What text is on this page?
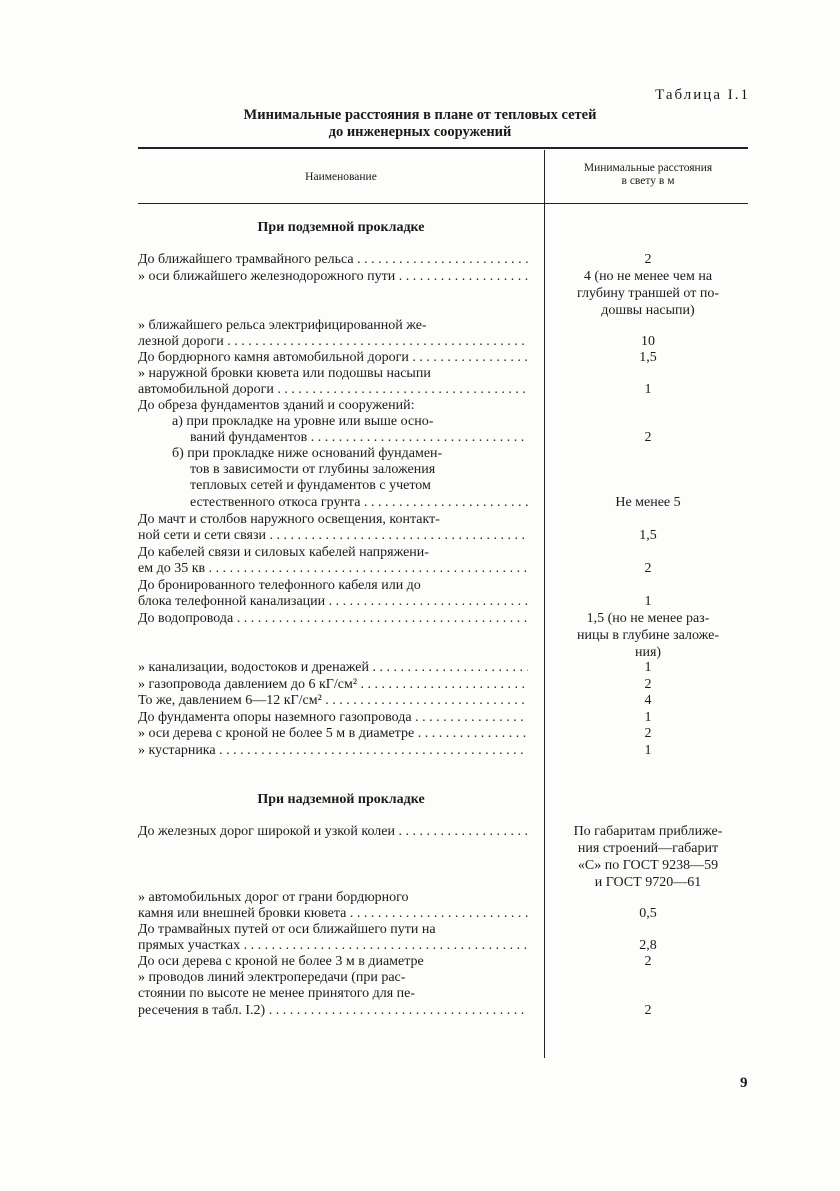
Таблица I.1
Минимальные расстояния в плане от тепловых сетей
до инженерных сооружений
Наименование
Минимальные расстояния
в свету в м
При подземной прокладке
До ближайшего трамвайного рельса . . .	2
» оси ближайшего железнодорожного пути . . .	4 (но не менее чем на
глубину траншей от по-
дошвы насыпи)
» ближайшего рельса электрифицированной же-
лезной дороги . . .	10
До бордюрного камня автомобильной дороги . . .	1,5
» наружной бровки кювета или подошвы насыпи
автомобильной дороги . . .	1
До обреза фундаментов зданий и сооружений:
а) при прокладке на уровне или выше осно-
ваний фундаментов . . .	2
б) при прокладке ниже оснований фундамен-
тов в зависимости от глубины заложения
тепловых сетей и фундаментов с учетом
естественного откоса грунта . . .	Не менее 5
До мачт и столбов наружного освещения, контакт-
ной сети и сети связи . . .	1,5
До кабелей связи и силовых кабелей напряжени-
ем до 35 кв . . .	2
До бронированного телефонного кабеля или до
блока телефонной канализации . . .	1
До водопровода . . .	1,5 (но не менее раз-
ницы в глубине заложе-
ния)
» канализации, водостоков и дренажей . . .	1
» газопровода давлением до 6 кГ/см² . . .	2
То же, давлением 6—12 кГ/см² . . .	4
До фундамента опоры наземного газопровода . . .	1
» оси дерева с кроной не более 5 м в диаметре . . .	2
» кустарника . . .	1
При надземной прокладке
До железных дорог широкой и узкой колеи . . .	По габаритам приближе-
ния строений—габарит
«С» по ГОСТ 9238—59
и ГОСТ 9720—61
» автомобильных дорог от грани бордюрного
камня или внешней бровки кювета . . .	0,5
До трамвайных путей от оси ближайшего пути на
прямых участках . . .	2,8
До оси дерева с кроной не более 3 м в диаметре	2
» проводов линий электропередачи (при рас-
стоянии по высоте не менее принятого для пе-
ресечения в табл. I.2) . . .	2
9
